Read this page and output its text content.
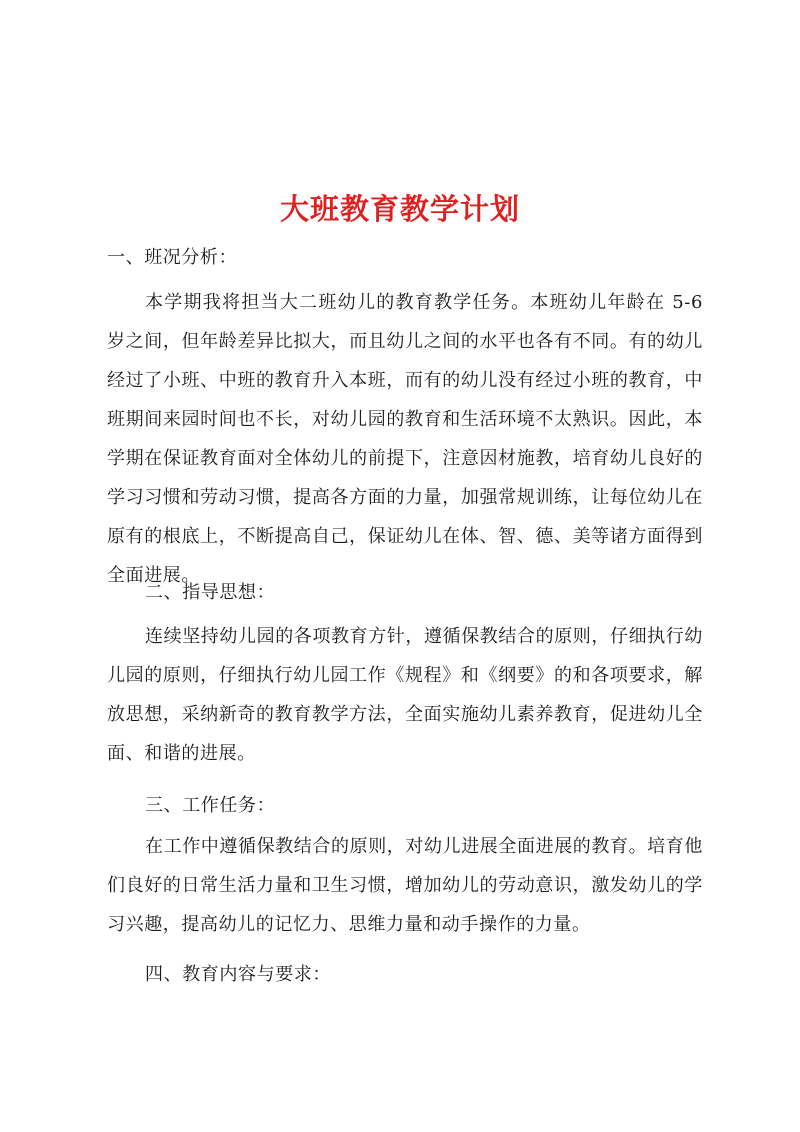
大班教育教学计划
一、班况分析：

本学期我将担当大二班幼儿的教育教学任务。本班幼儿年龄在 5-6 岁之间，但年龄差异比拟大，而且幼儿之间的水平也各有不同。有的幼儿经过了小班、中班的教育升入本班，而有的幼儿没有经过小班的教育，中班期间来园时间也不长，对幼儿园的教育和生活环境不太熟识。因此，本学期在保证教育面对全体幼儿的前提下，注意因材施教，培育幼儿良好的学习习惯和劳动习惯，提高各方面的力量，加强常规训练，让每位幼儿在原有的根底上，不断提高自己，保证幼儿在体、智、德、美等诸方面得到全面进展。

二、指导思想：

连续坚持幼儿园的各项教育方针，遵循保教结合的原则，仔细执行幼儿园的原则，仔细执行幼儿园工作《规程》和《纲要》的和各项要求，解放思想，采纳新奇的教育教学方法，全面实施幼儿素养教育，促进幼儿全面、和谐的进展。

三、工作任务：

在工作中遵循保教结合的原则，对幼儿进展全面进展的教育。培育他们良好的日常生活力量和卫生习惯，增加幼儿的劳动意识，激发幼儿的学习兴趣，提高幼儿的记忆力、思维力量和动手操作的力量。

四、教育内容与要求：
